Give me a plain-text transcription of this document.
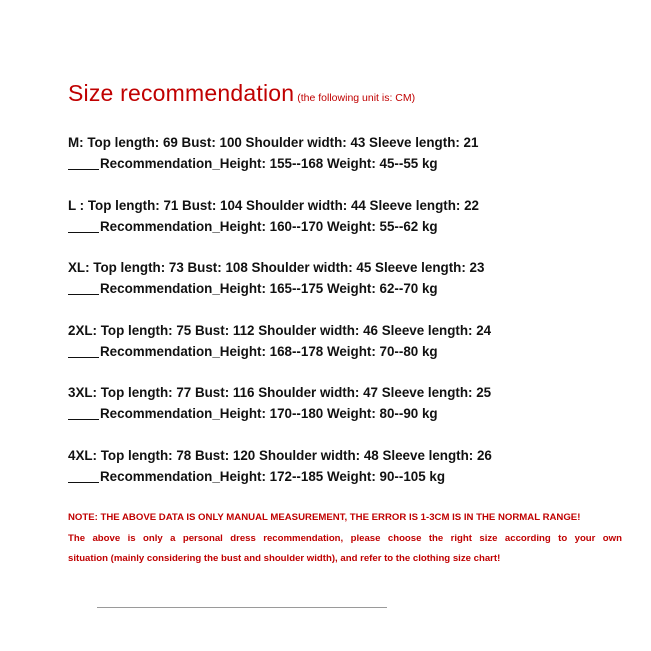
Size recommendation (the following unit is: CM)
M: Top length: 69 Bust: 100 Shoulder width: 43 Sleeve length: 21
Recommendation_Height: 155--168 Weight: 45--55 kg
L : Top length: 71 Bust: 104 Shoulder width: 44 Sleeve length: 22
Recommendation_Height: 160--170 Weight: 55--62 kg
XL: Top length: 73 Bust: 108 Shoulder width: 45 Sleeve length: 23
Recommendation_Height: 165--175 Weight: 62--70 kg
2XL: Top length: 75 Bust: 112 Shoulder width: 46 Sleeve length: 24
Recommendation_Height: 168--178 Weight: 70--80 kg
3XL: Top length: 77 Bust: 116 Shoulder width: 47 Sleeve length: 25
Recommendation_Height: 170--180 Weight: 80--90 kg
4XL: Top length: 78 Bust: 120 Shoulder width: 48 Sleeve length: 26
Recommendation_Height: 172--185 Weight: 90--105 kg
NOTE: THE ABOVE DATA IS ONLY MANUAL MEASUREMENT, THE ERROR IS 1-3CM IS IN THE NORMAL RANGE!
The above is only a personal dress recommendation, please choose the right size according to your own
situation (mainly considering the bust and shoulder width), and refer to the clothing size chart!
